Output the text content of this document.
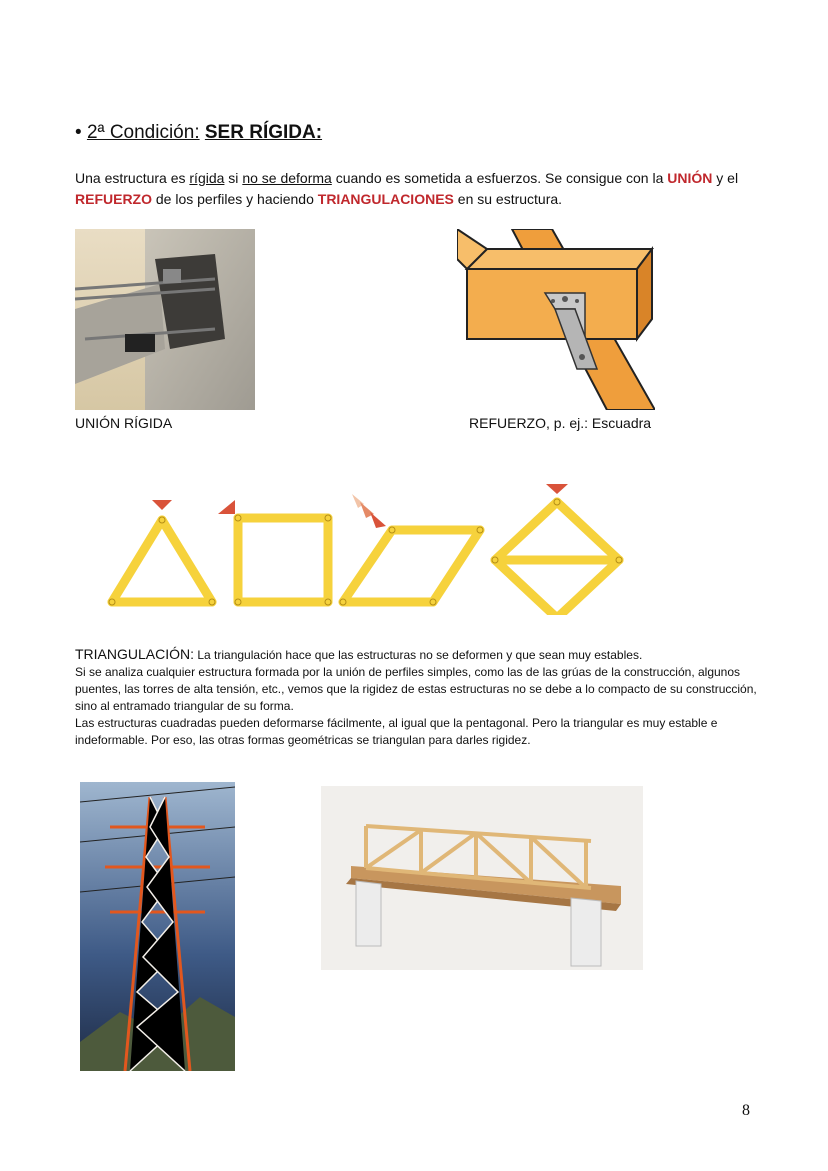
• 2ª Condición: SER RÍGIDA:
Una estructura es rígida si no se deforma cuando es sometida a esfuerzos. Se consigue con la UNIÓN y el REFUERZO de los perfiles y haciendo TRIANGULACIONES en su estructura.
UNIÓN RÍGIDA	REFUERZO, p. ej.: Escuadra
TRIANGULACIÓN: La triangulación hace que las estructuras no se deformen y que sean muy estables.
Si se analiza cualquier estructura formada por la unión de perfiles simples, como las de las grúas de la construcción, algunos puentes, las torres de alta tensión, etc., vemos que la rigidez de estas estructuras no se debe a lo compacto de su construcción, sino al entramado triangular de su forma.
Las estructuras cuadradas pueden deformarse fácilmente, al igual que la pentagonal. Pero la triangular es muy estable e indeformable. Por eso, las otras formas geométricas se triangulan para darles rigidez.
8
